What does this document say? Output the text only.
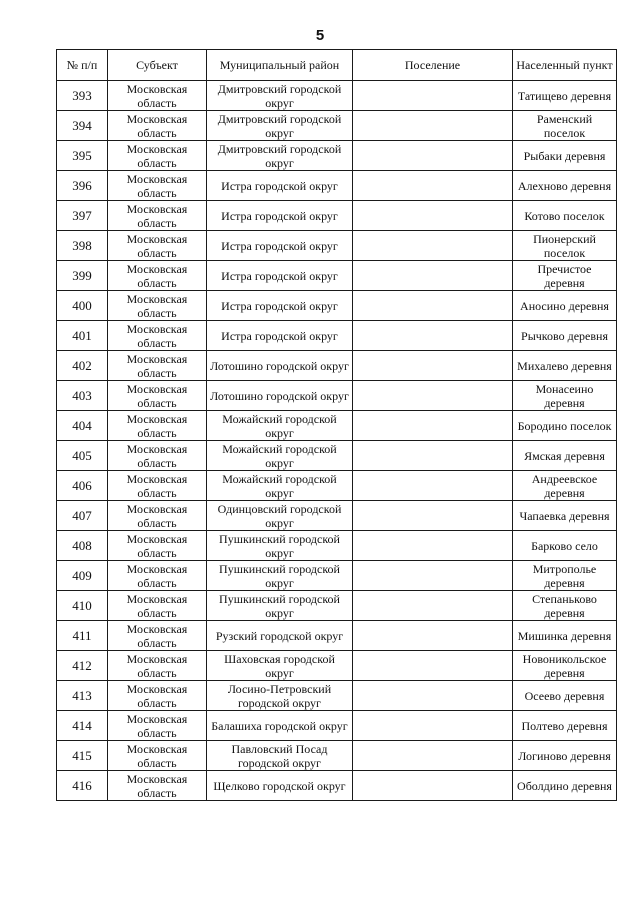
5
№ п/п	Субъект	Муниципальный район	Поселение	Населенный пункт
393	Московская область	Дмитровский городской округ		Татищево деревня
394	Московская область	Дмитровский городской округ		Раменский поселок
395	Московская область	Дмитровский городской округ		Рыбаки деревня
396	Московская область	Истра городской округ		Алехново деревня
397	Московская область	Истра городской округ		Котово поселок
398	Московская область	Истра городской округ		Пионерский поселок
399	Московская область	Истра городской округ		Пречистое деревня
400	Московская область	Истра городской округ		Аносино деревня
401	Московская область	Истра городской округ		Рычково деревня
402	Московская область	Лотошино городской округ		Михалево деревня
403	Московская область	Лотошино городской округ		Монасеино деревня
404	Московская область	Можайский городской округ		Бородино поселок
405	Московская область	Можайский городской округ		Ямская деревня
406	Московская область	Можайский городской округ		Андреевское деревня
407	Московская область	Одинцовский городской округ		Чапаевка деревня
408	Московская область	Пушкинский городской округ		Барково село
409	Московская область	Пушкинский городской округ		Митрополье деревня
410	Московская область	Пушкинский городской округ		Степаньково деревня
411	Московская область	Рузский городской округ		Мишинка деревня
412	Московская область	Шаховская городской округ		Новоникольское деревня
413	Московская область	Лосино-Петровский городской округ		Осеево деревня
414	Московская область	Балашиха городской округ		Полтево деревня
415	Московская область	Павловский Посад городской округ		Логиново деревня
416	Московская область	Щелково городской округ		Оболдино деревня
